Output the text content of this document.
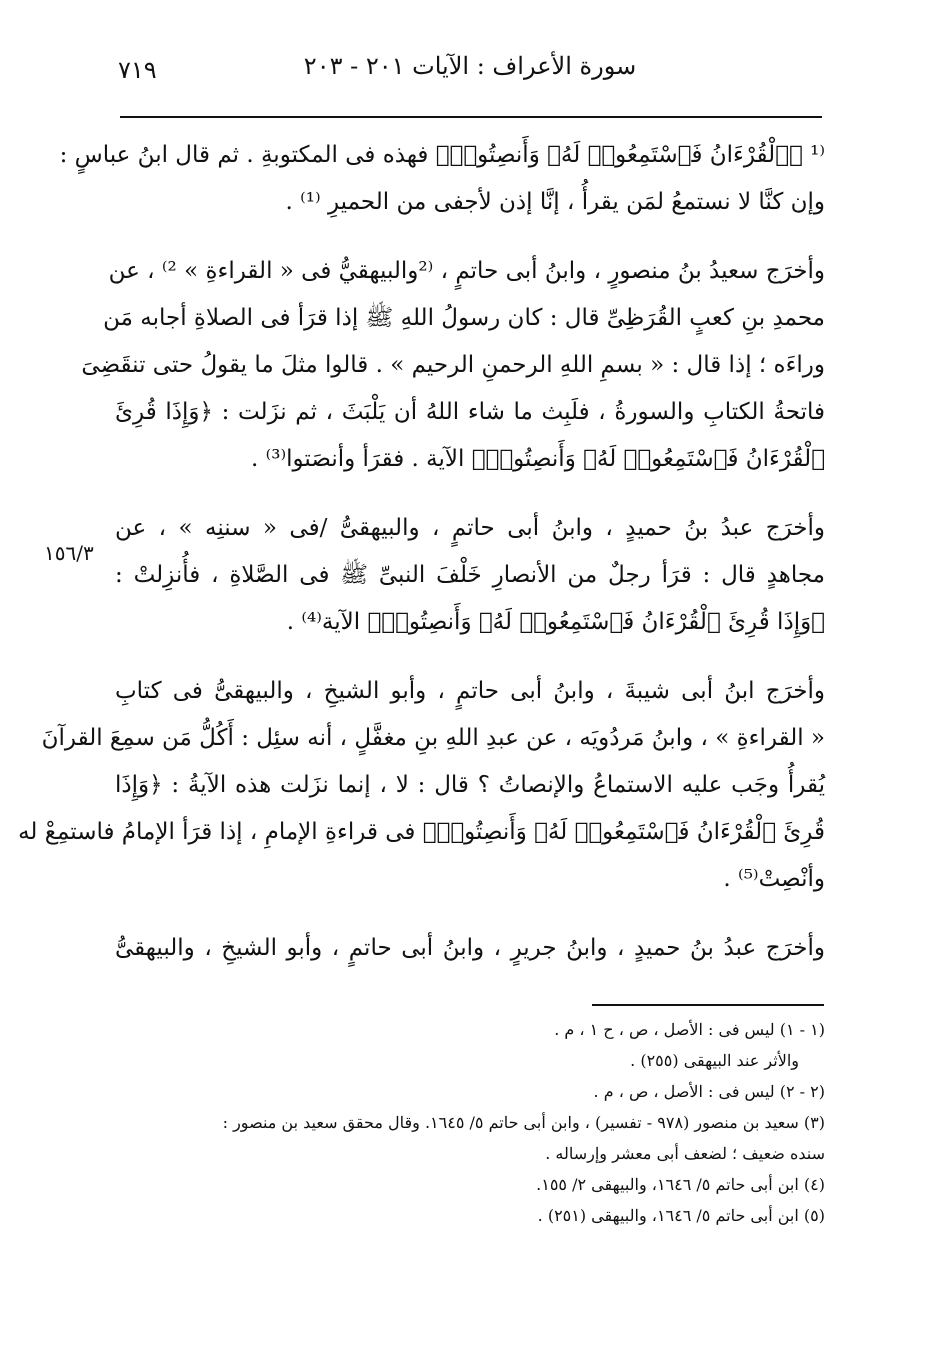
سورة الأعراف : الآيات ٢٠١ - ٢٠٣
٧١٩
١٥٦/٣
⁽¹ ﴿ٱلْقُرْءَانُ فَٱسْتَمِعُوا۟ لَهُۥ وَأَنصِتُوا۟﴾ فهذه فى المكتوبةِ . ثم قال ابنُ عباسٍ :
وإن كنَّا لا نستمعُ لمَن يقرأُ ، إنَّا إذن لأجفى من الحميرِ ⁽¹⁾ .
وأخرَج سعيدُ بنُ منصورٍ ، وابنُ أبى حاتمٍ ، ⁽²والبيهقيُّ فى « القراءةِ » ²⁾ ، عن
محمدِ بنِ كعبٍ القُرَظِىِّ قال : كان رسولُ اللهِ ﷺ إذا قرَأ فى الصلاةِ أجابه مَن
وراءَه ؛ إذا قال : « بسمِ اللهِ الرحمنِ الرحيم » . قالوا مثلَ ما يقولُ حتى تنقَضِىَ
فاتحةُ الكتابِ والسورةُ ، فلَبِث ما شاء اللهُ أن يَلْبَثَ ، ثم نزَلت : ﴿وَإِذَا قُرِئَ
ٱلْقُرْءَانُ فَٱسْتَمِعُوا۟ لَهُۥ وَأَنصِتُوا۟﴾ الآية . فقرَأ وأنصَتوا⁽³⁾ .
وأخرَج عبدُ بنُ حميدٍ ، وابنُ أبى حاتمٍ ، والبيهقىُّ /فى « سننِه » ، عن
مجاهدٍ قال : قرَأ رجلٌ من الأنصارِ خَلْفَ النبىِّ ﷺ فى الصَّلاةِ ، فأُنزِلتْ :
﴿وَإِذَا قُرِئَ ٱلْقُرْءَانُ فَٱسْتَمِعُوا۟ لَهُۥ وَأَنصِتُوا۟﴾ الآية⁽⁴⁾ .
وأخرَج ابنُ أبى شيبةَ ، وابنُ أبى حاتمٍ ، وأبو الشيخِ ، والبيهقىُّ فى كتابِ
« القراءةِ » ، وابنُ مَردُويَه ، عن عبدِ اللهِ بنِ مغفَّلٍ ، أنه سئِل : أَكُلُّ مَن سمِعَ القرآنَ
يُقرأُ وجَب عليه الاستماعُ والإنصاتُ ؟ قال : لا ، إنما نزَلت هذه الآيةُ : ﴿وَإِذَا
قُرِئَ ٱلْقُرْءَانُ فَٱسْتَمِعُوا۟ لَهُۥ وَأَنصِتُوا۟﴾ فى قراءةِ الإمامِ ، إذا قرَأ الإمامُ فاستمِعْ له
وأنْصِتْ⁽⁵⁾ .
وأخرَج عبدُ بنُ حميدٍ ، وابنُ جريرٍ ، وابنُ أبى حاتمٍ ، وأبو الشيخِ ، والبيهقىُّ
(١ - ١) ليس فى : الأصل ، ص ، ح ١ ، م .
والأثر عند البيهقى (٢٥٥) .
(٢ - ٢) ليس فى : الأصل ، ص ، م .
(٣) سعيد بن منصور (٩٧٨ - تفسير) ، وابن أبى حاتم ٥/ ١٦٤٥. وقال محقق سعيد بن منصور :
سنده ضعيف ؛ لضعف أبى معشر وإرساله .
(٤) ابن أبى حاتم ٥/ ١٦٤٦، والبيهقى ٢/ ١٥٥.
(٥) ابن أبى حاتم ٥/ ١٦٤٦، والبيهقى (٢٥١) .
